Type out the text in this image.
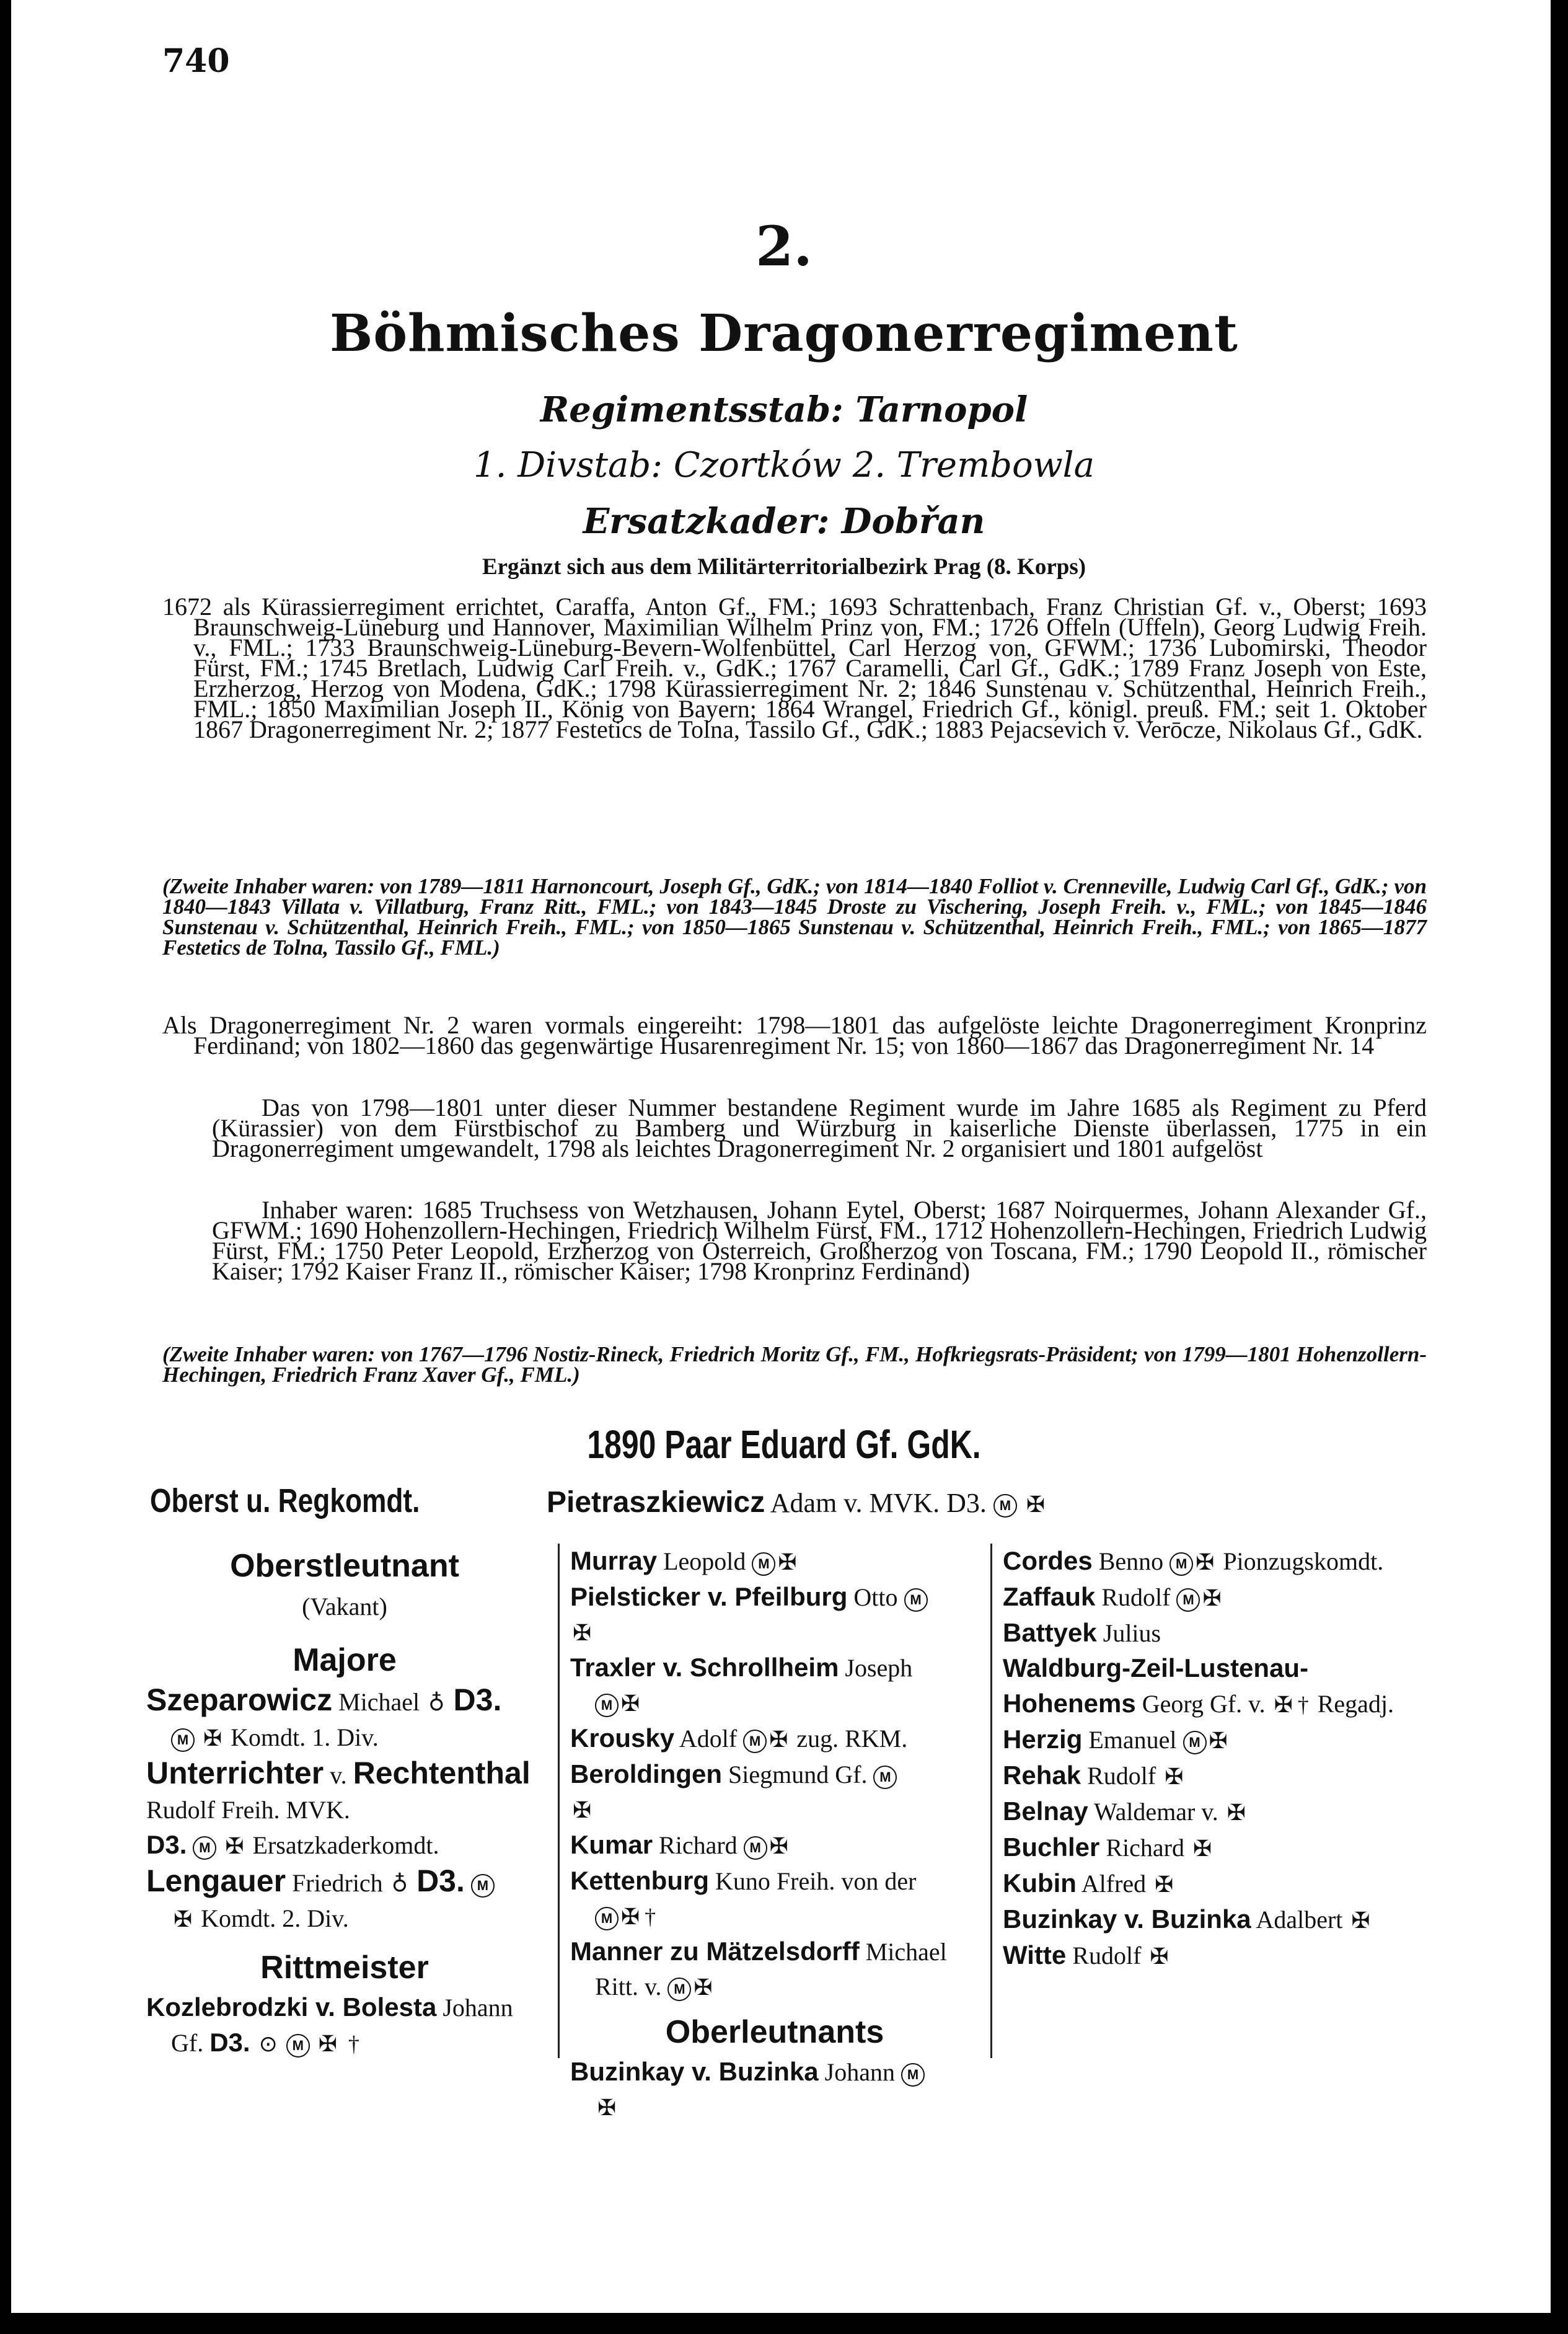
740
2.
Böhmisches Dragonerregiment
Regimentsstab: Tarnopol
1. Divstab: Czortków 2. Trembowla
Ersatzkader: Dobřan
Ergänzt sich aus dem Militärterritorialbezirk Prag (8. Korps)
1672 als Kürassierregiment errichtet, Caraffa, Anton Gf., FM.; 1693 Schrattenbach, Franz Christian Gf. v., Oberst; 1693 Braunschweig-Lüneburg und Hannover, Maximilian Wilhelm Prinz von, FM.; 1726 Offeln (Uffeln), Georg Ludwig Freih. v., FML.; 1733 Braunschweig-Lüneburg-Bevern-Wolfenbüttel, Carl Herzog von, GFWM.; 1736 Lubomirski, Theodor Fürst, FM.; 1745 Bretlach, Ludwig Carl Freih. v., GdK.; 1767 Caramelli, Carl Gf., GdK.; 1789 Franz Joseph von Este, Erzherzog, Herzog von Modena, GdK.; 1798 Kürassierregiment Nr. 2; 1846 Sunstenau v. Schützenthal, Heinrich Freih., FML.; 1850 Maximilian Joseph II., König von Bayern; 1864 Wrangel, Friedrich Gf., königl. preuß. FM.; seit 1. Oktober 1867 Dragonerregiment Nr. 2; 1877 Festetics de Tolna, Tassilo Gf., GdK.; 1883 Pejacsevich v. Verōcze, Nikolaus Gf., GdK.
(Zweite Inhaber waren: von 1789—1811 Harnoncourt, Joseph Gf., GdK.; von 1814—1840 Folliot v. Crenneville, Ludwig Carl Gf., GdK.; von 1840—1843 Villata v. Villatburg, Franz Ritt., FML.; von 1843—1845 Droste zu Vischering, Joseph Freih. v., FML.; von 1845—1846 Sunstenau v. Schützenthal, Heinrich Freih., FML.; von 1850—1865 Sunstenau v. Schützenthal, Heinrich Freih., FML.; von 1865—1877 Festetics de Tolna, Tassilo Gf., FML.)
Als Dragonerregiment Nr. 2 waren vormals eingereiht: 1798—1801 das aufgelöste leichte Dragonerregiment Kronprinz Ferdinand; von 1802—1860 das gegenwärtige Husarenregiment Nr. 15; von 1860—1867 das Dragonerregiment Nr. 14
Das von 1798—1801 unter dieser Nummer bestandene Regiment wurde im Jahre 1685 als Regiment zu Pferd (Kürassier) von dem Fürstbischof zu Bamberg und Würzburg in kaiserliche Dienste überlassen, 1775 in ein Dragonerregiment umgewandelt, 1798 als leichtes Dragonerregiment Nr. 2 organisiert und 1801 aufgelöst
Inhaber waren: 1685 Truchsess von Wetzhausen, Johann Eytel, Oberst; 1687 Noirquermes, Johann Alexander Gf., GFWM.; 1690 Hohenzollern-Hechingen, Friedrich Wilhelm Fürst, FM., 1712 Hohenzollern-Hechingen, Friedrich Ludwig Fürst, FM.; 1750 Peter Leopold, Erzherzog von Österreich, Großherzog von Toscana, FM.; 1790 Leopold II., römischer Kaiser; 1792 Kaiser Franz II., römischer Kaiser; 1798 Kronprinz Ferdinand)
(Zweite Inhaber waren: von 1767—1796 Nostiz-Rineck, Friedrich Moritz Gf., FM., Hofkriegsrats-Präsident; von 1799—1801 Hohenzollern-Hechingen, Friedrich Franz Xaver Gf., FML.)
1890 Paar Eduard Gf. GdK.
Oberst u. Regkomdt.	Pietraszkiewicz Adam v. MVK. D3. M ✠
Oberstleutnant
(Vakant)
Majore
Szeparowicz Michael ♁ D3.
M ✠ Komdt. 1. Div.
Unterrichter v. Rechtenthal
Rudolf Freih. MVK.
D3. M ✠ Ersatzkaderkomdt.
Lengauer Friedrich ♁ D3. M
✠ Komdt. 2. Div.
Rittmeister
Kozlebrodzki v. Bolesta Johann
Gf. D3. ⊙ M ✠ †
Murray Leopold M ✠
Pielsticker v. Pfeilburg Otto M
✠
Traxler v. Schrollheim Joseph
M ✠
Krousky Adolf M ✠ zug. RKM.
Beroldingen Siegmund Gf. M
✠
Kumar Richard M ✠
Kettenburg Kuno Freih. von der
M ✠ †
Manner zu Mätzelsdorff Michael
Ritt. v. M ✠
Oberleutnants
Buzinkay v. Buzinka Johann M
✠
Cordes Benno M ✠ Pionzugskomdt.
Zaffauk Rudolf M ✠
Battyek Julius
Waldburg-Zeil-Lustenau-Hohenems Georg Gf. v. ✠ † Regadj.
Herzig Emanuel M ✠
Rehak Rudolf ✠
Belnay Waldemar v. ✠
Buchler Richard ✠
Kubin Alfred ✠
Buzinkay v. Buzinka Adalbert ✠
Witte Rudolf ✠
